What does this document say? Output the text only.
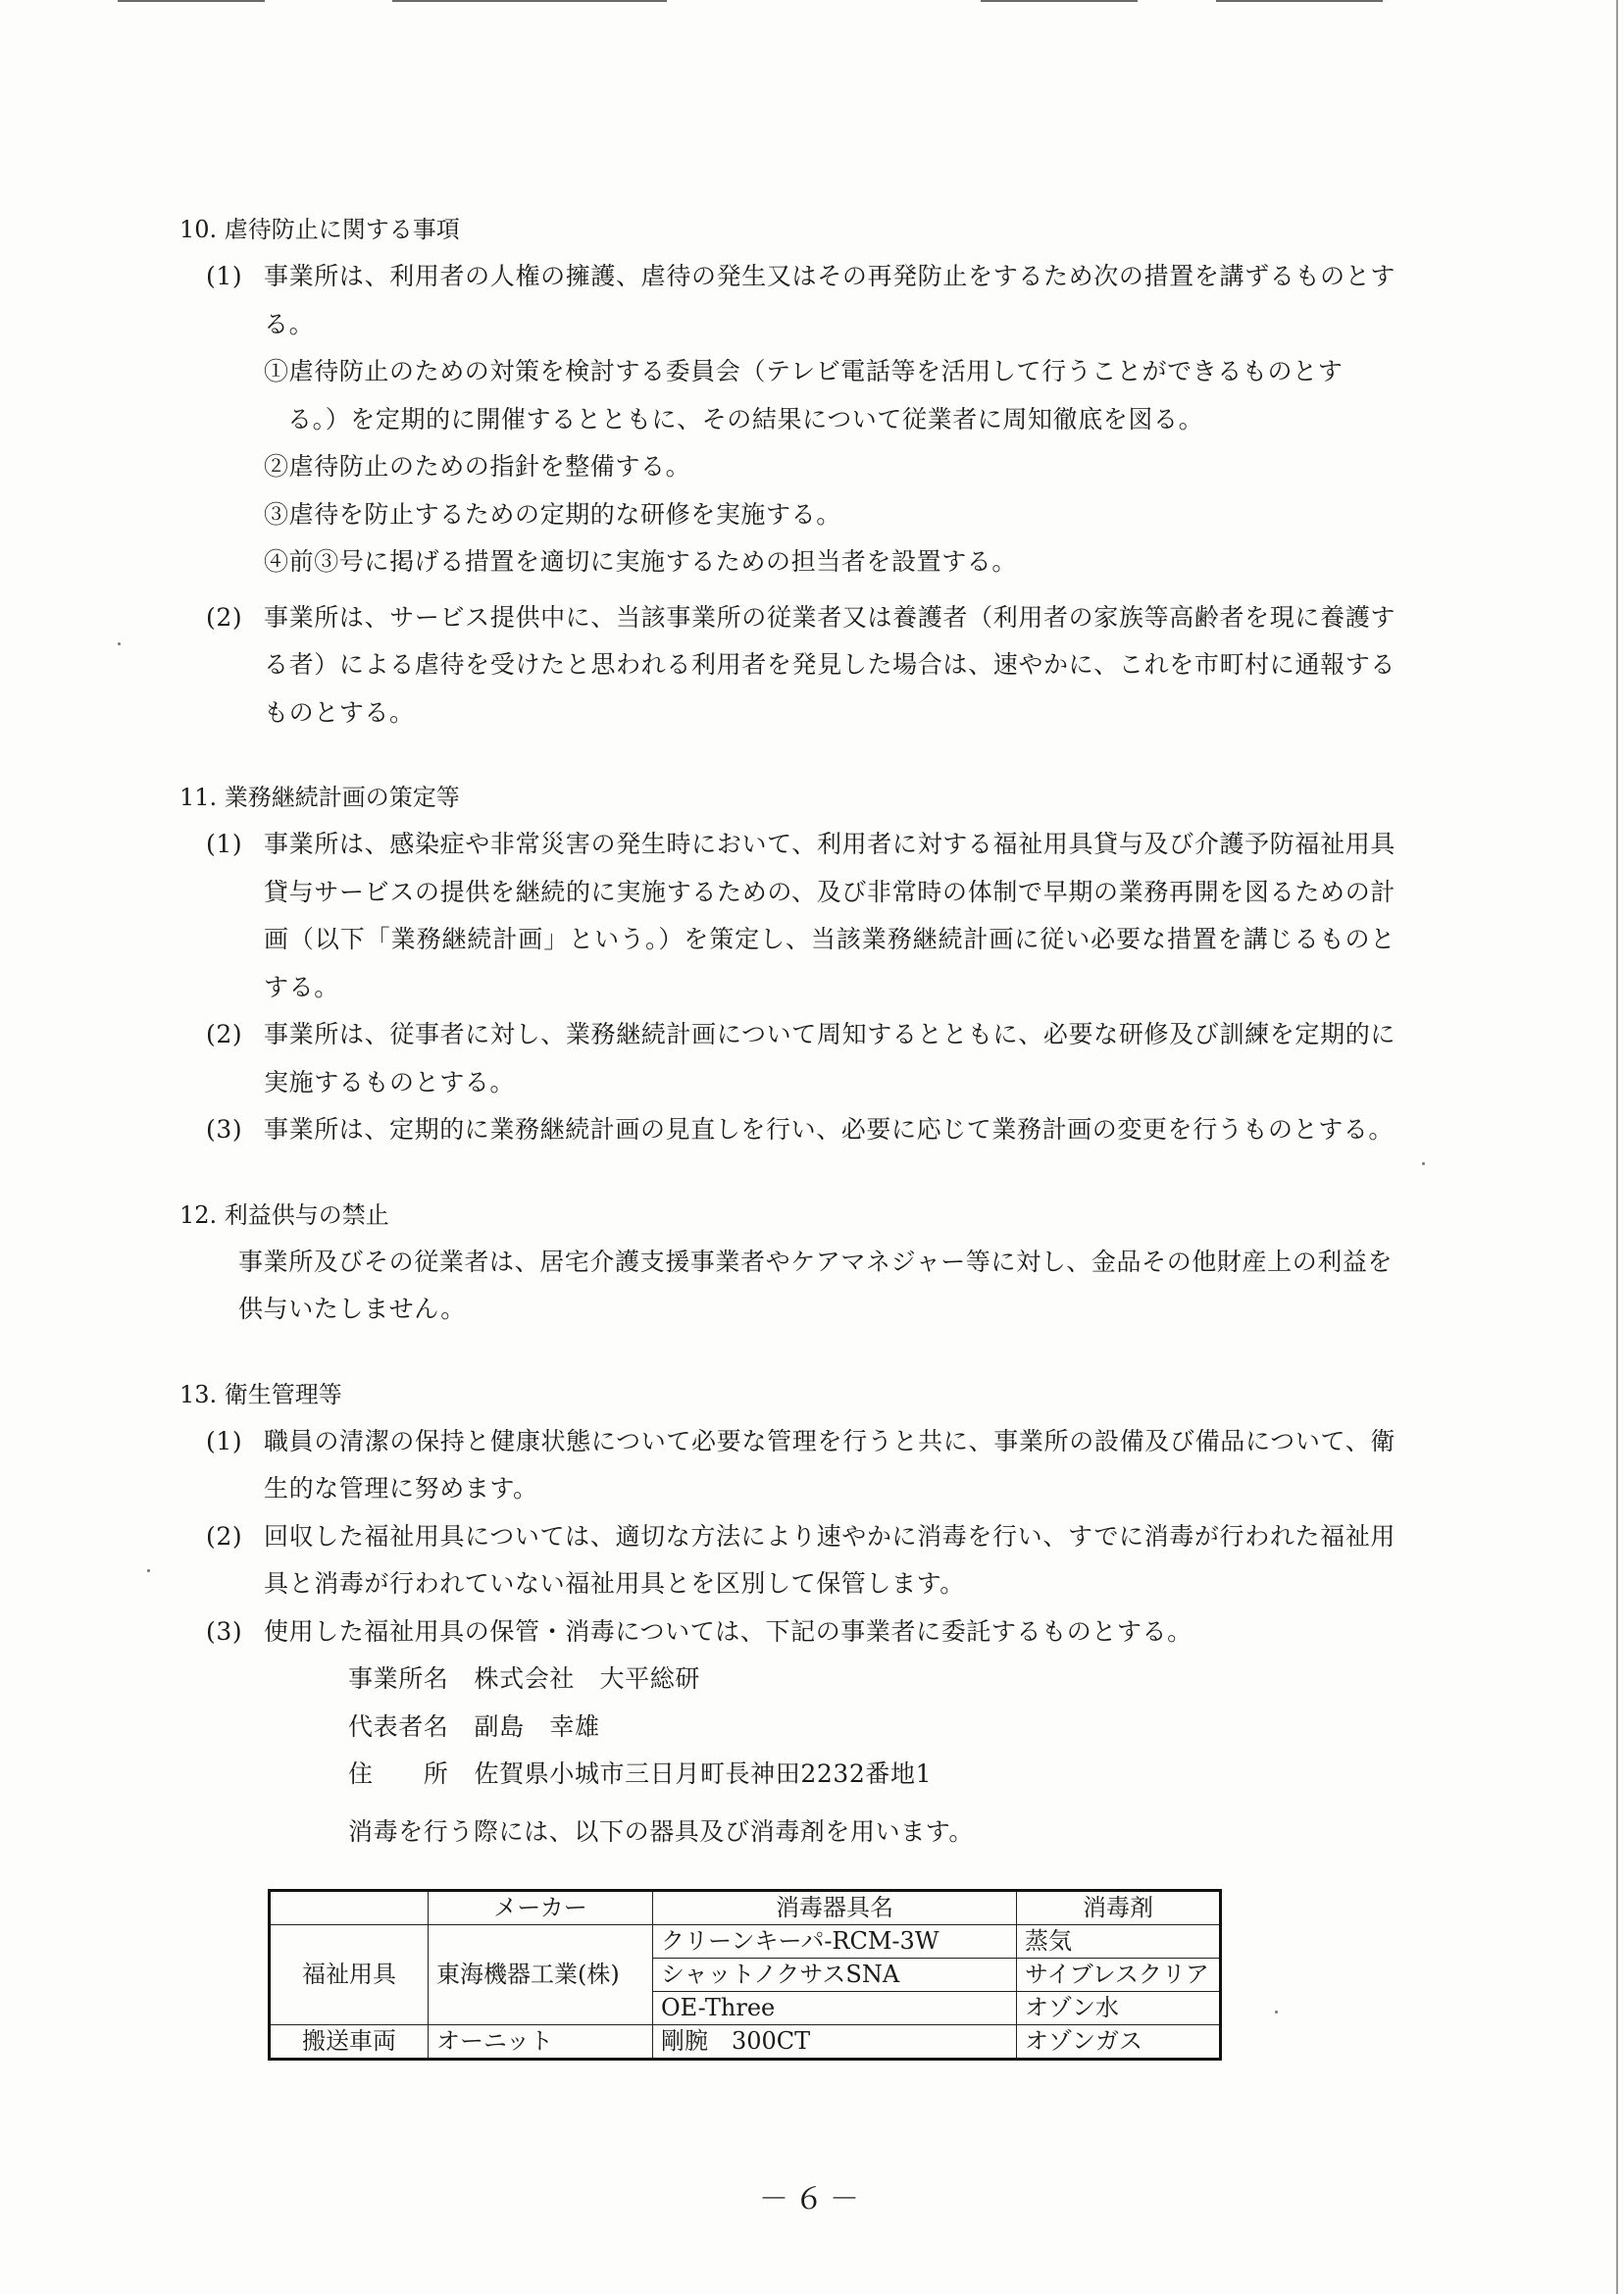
10. 虐待防止に関する事項
(1) 事業所は、利用者の人権の擁護、虐待の発生又はその再発防止をするため次の措置を講ずるものとする。
①虐待防止のための対策を検討する委員会（テレビ電話等を活用して行うことができるものとす
る。）を定期的に開催するとともに、その結果について従業者に周知徹底を図る。
②虐待防止のための指針を整備する。
③虐待を防止するための定期的な研修を実施する。
④前③号に掲げる措置を適切に実施するための担当者を設置する。
(2) 事業所は、サービス提供中に、当該事業所の従業者又は養護者（利用者の家族等高齢者を現に養護する者）による虐待を受けたと思われる利用者を発見した場合は、速やかに、これを市町村に通報するものとする。
11. 業務継続計画の策定等
(1) 事業所は、感染症や非常災害の発生時において、利用者に対する福祉用具貸与及び介護予防福祉用具貸与サービスの提供を継続的に実施するための、及び非常時の体制で早期の業務再開を図るための計画（以下「業務継続計画」という。）を策定し、当該業務継続計画に従い必要な措置を講じるものとする。
(2) 事業所は、従事者に対し、業務継続計画について周知するとともに、必要な研修及び訓練を定期的に実施するものとする。
(3) 事業所は、定期的に業務継続計画の見直しを行い、必要に応じて業務計画の変更を行うものとする。
12. 利益供与の禁止
事業所及びその従業者は、居宅介護支援事業者やケアマネジャー等に対し、金品その他財産上の利益を供与いたしません。
13. 衛生管理等
(1) 職員の清潔の保持と健康状態について必要な管理を行うと共に、事業所の設備及び備品について、衛生的な管理に努めます。
(2) 回収した福祉用具については、適切な方法により速やかに消毒を行い、すでに消毒が行われた福祉用具と消毒が行われていない福祉用具とを区別して保管します。
(3) 使用した福祉用具の保管・消毒については、下記の事業者に委託するものとする。
事業所名 株式会社　大平総研
代表者名 副島　幸雄
住　　所 佐賀県小城市三日月町長神田2232番地1
消毒を行う際には、以下の器具及び消毒剤を用います。
	メーカー	消毒器具名	消毒剤
福祉用具	東海機器工業(株)	クリーンキーパ-RCM-3W	蒸気
		シャットノクサスSNA	サイブレスクリア
		OE-Three	オゾン水
搬送車両	オーニット	剛腕　300CT	オゾンガス
－６－
